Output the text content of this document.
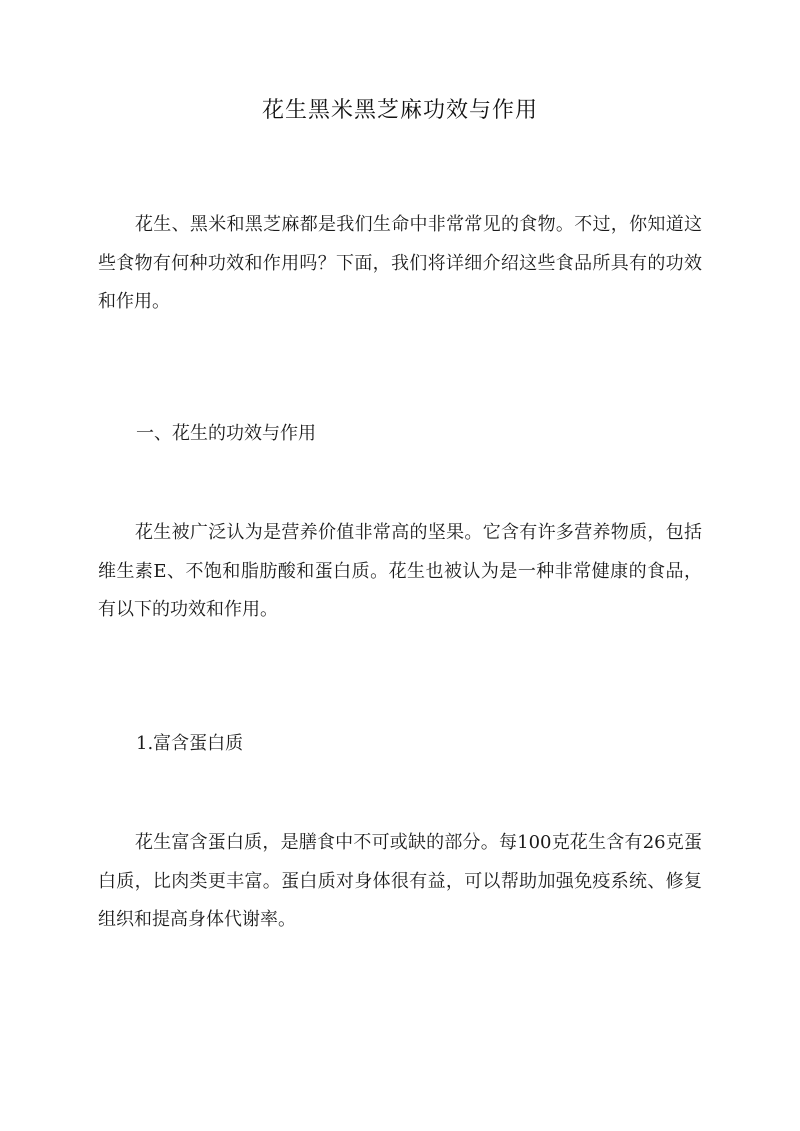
花生黑米黑芝麻功效与作用
花生、黑米和黑芝麻都是我们生命中非常常见的食物。不过，你知道这些食物有何种功效和作用吗？下面，我们将详细介绍这些食品所具有的功效和作用。
一、花生的功效与作用
花生被广泛认为是营养价值非常高的坚果。它含有许多营养物质，包括维生素E、不饱和脂肪酸和蛋白质。花生也被认为是一种非常健康的食品，有以下的功效和作用。
1.富含蛋白质
花生富含蛋白质，是膳食中不可或缺的部分。每100克花生含有26克蛋白质，比肉类更丰富。蛋白质对身体很有益，可以帮助加强免疫系统、修复组织和提高身体代谢率。
